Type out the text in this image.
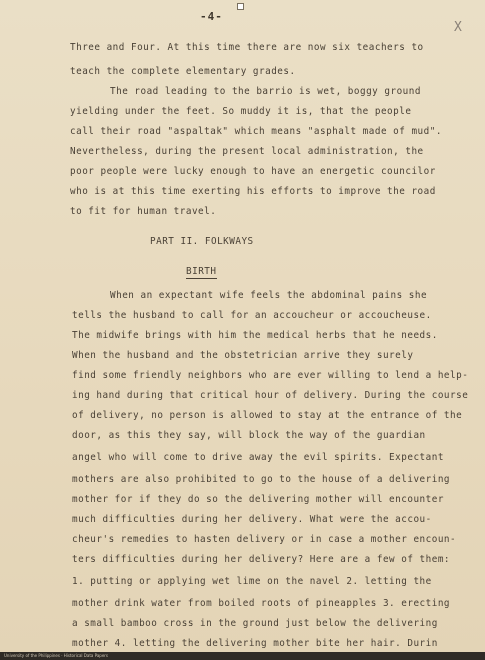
-4-
X

Three and Four. At this time there are now six teachers to

teach the complete elementary grades.

The road leading to the barrio is wet, boggy ground

yielding under the feet. So muddy it is, that the people

call their road "aspaltak" which means "asphalt made of mud".

Nevertheless, during the present local administration, the

poor people were lucky enough to have an energetic councilor

who is at this time exerting his efforts to improve the road

to fit for human travel.

PART II. FOLKWAYS
BIRTH

When an expectant wife feels the abdominal pains she

tells the husband to call for an accoucheur or accoucheuse.

The midwife brings with him the medical herbs that he needs.

When the husband and the obstetrician arrive they surely

find some friendly neighbors who are ever willing to lend a help-

ing hand during that critical hour of delivery. During the course

of delivery, no person is allowed to stay at the entrance of the

door, as this they say, will block the way of the guardian

angel who will come to drive away the evil spirits. Expectant

mothers are also prohibited to go to the house of a delivering

mother for if they do so the delivering mother will encounter

much difficulties during her delivery. What were the accou-

cheur's remedies to hasten delivery or in case a mother encoun-

ters difficulties during her delivery? Here are a few of them:

1. putting or applying wet lime on the navel 2. letting the

mother drink water from boiled roots of pineapples 3. erecting

a small bamboo cross in the ground just below the delivering

mother 4. letting the delivering mother bite her hair. Durin

University of the Philippines · Historical Data Papers
